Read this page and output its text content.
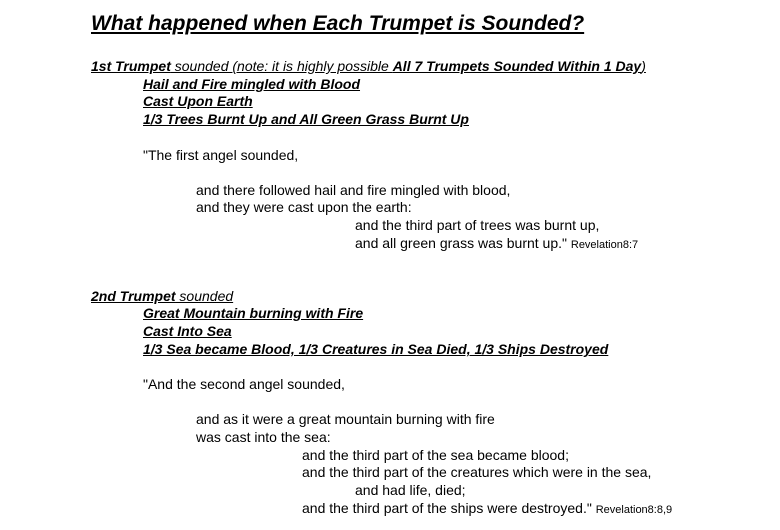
What happened when Each Trumpet is Sounded?
1st Trumpet sounded (note: it is highly possible All 7 Trumpets Sounded Within 1 Day)
Hail and Fire mingled with Blood
Cast Upon Earth
1/3 Trees Burnt Up and All Green Grass Burnt Up
"The first angel sounded,
and there followed hail and fire mingled with blood,
and they were cast upon the earth:
and the third part of trees was burnt up,
and all green grass was burnt up." Revelation8:7
2nd Trumpet sounded
Great Mountain burning with Fire
Cast Into Sea
1/3 Sea became Blood, 1/3 Creatures in Sea Died, 1/3 Ships Destroyed
"And the second angel sounded,
and as it were a great mountain burning with fire
was cast into the sea:
and the third part of the sea became blood;
and the third part of the creatures which were in the sea,
and had life, died;
and the third part of the ships were destroyed." Revelation8:8,9
